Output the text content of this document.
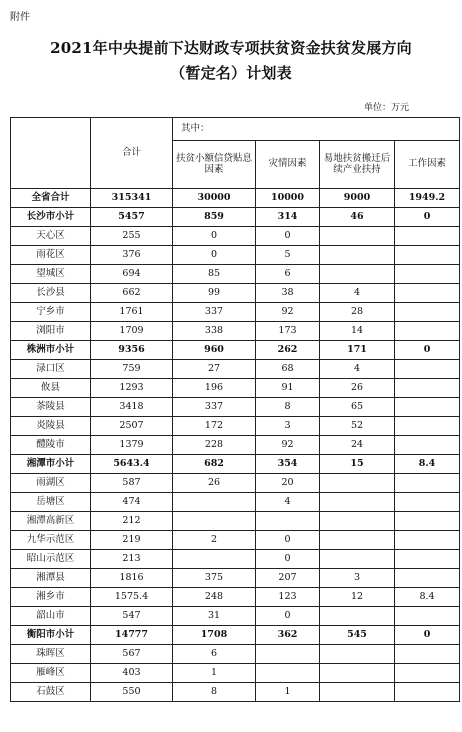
附件
2021年中央提前下达财政专项扶贫资金扶贫发展方向
（暂定名）计划表
单位：万元
	合计	其中：			
		扶贫小额信贷贴息因素	灾情因素	易地扶贫搬迁后续产业扶持	工作因素
全省合计	315341	30000	10000	9000	1949.2
长沙市小计	5457	859	314	46	0
天心区	255	0	0		
雨花区	376	0	5		
望城区	694	85	6		
长沙县	662	99	38	4	
宁乡市	1761	337	92	28	
浏阳市	1709	338	173	14	
株洲市小计	9356	960	262	171	0
渌口区	759	27	68	4	
攸县	1293	196	91	26	
茶陵县	3418	337	8	65	
炎陵县	2507	172	3	52	
醴陵市	1379	228	92	24	
湘潭市小计	5643.4	682	354	15	8.4
雨湖区	587	26	20		
岳塘区	474		4		
湘潭高新区	212				
九华示范区	219	2	0		
昭山示范区	213		0		
湘潭县	1816	375	207	3	
湘乡市	1575.4	248	123	12	8.4
韶山市	547	31	0		
衡阳市小计	14777	1708	362	545	0
珠晖区	567	6			
雁峰区	403	1			
石鼓区	550	8	1		
